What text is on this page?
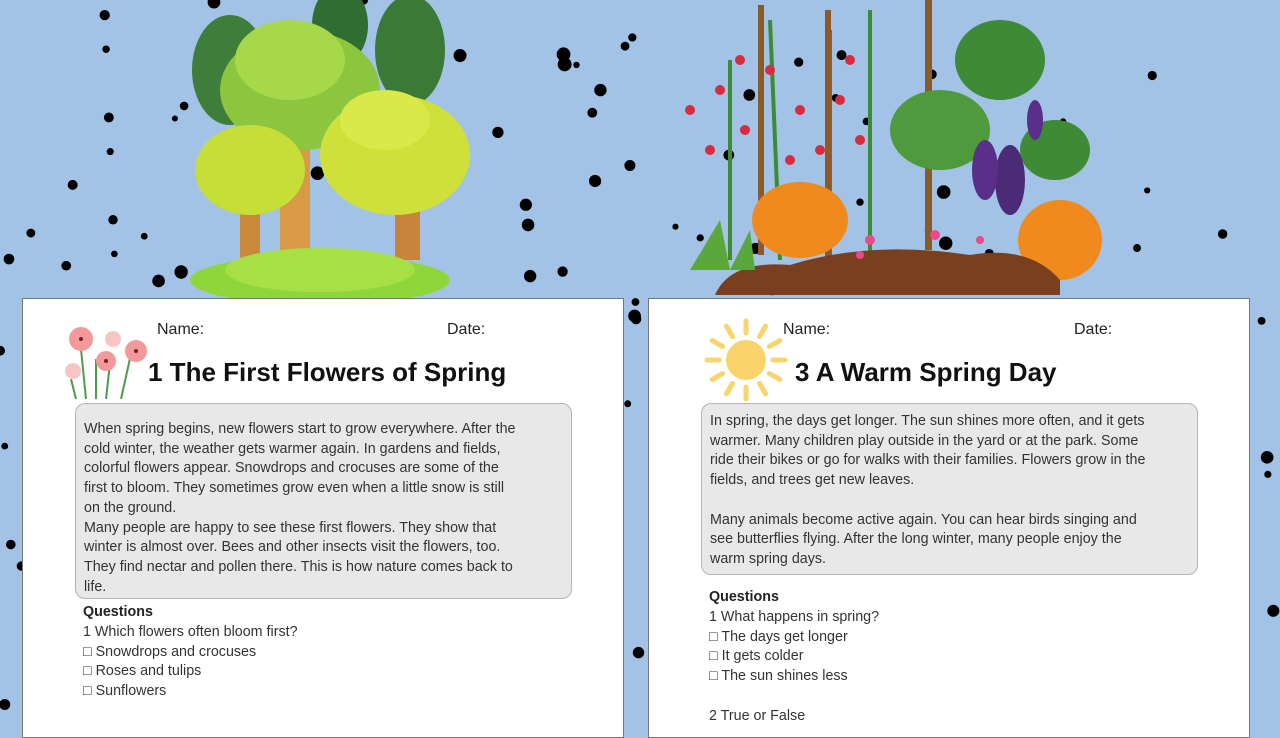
Name:	Date:
1 The First Flowers of Spring
When spring begins, new flowers start to grow everywhere. After the
cold winter, the weather gets warmer again. In gardens and fields,
colorful flowers appear. Snowdrops and crocuses are some of the
first to bloom. They sometimes grow even when a little snow is still
on the ground.
Many people are happy to see these first flowers. They show that
winter is almost over. Bees and other insects visit the flowers, too.
They find nectar and pollen there. This is how nature comes back to
life.
Questions
1 Which flowers often bloom first?
□ Snowdrops and crocuses
□ Roses and tulips
□ Sunflowers
Name:	Date:
3 A Warm Spring Day
In spring, the days get longer. The sun shines more often, and it gets
warmer. Many children play outside in the yard or at the park. Some
ride their bikes or go for walks with their families. Flowers grow in the
fields, and trees get new leaves.
Many animals become active again. You can hear birds singing and
see butterflies flying. After the long winter, many people enjoy the
warm spring days.
Questions
1 What happens in spring?
□ The days get longer
□ It gets colder
□ The sun shines less
2 True or False
